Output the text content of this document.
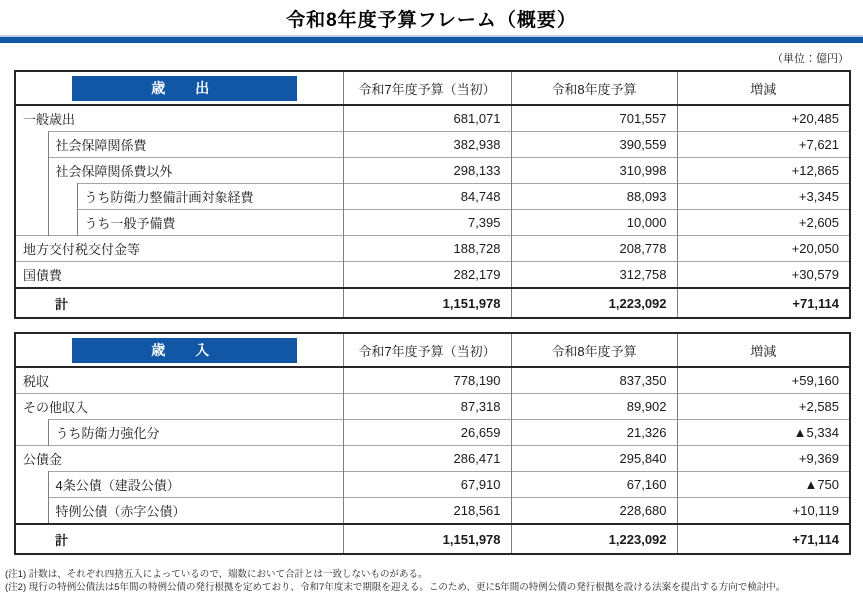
令和8年度予算フレーム（概要）
（単位：億円）
歳　出			令和7年度予算（当初）	令和8年度予算	増減
一般歳出			681,071	701,557	+20,485
	社会保障関係費		382,938	390,559	+7,621
	社会保障関係費以外		298,133	310,998	+12,865
		うち防衛力整備計画対象経費	84,748	88,093	+3,345
		うち一般予備費	7,395	10,000	+2,605
地方交付税交付金等			188,728	208,778	+20,050
国債費			282,179	312,758	+30,579
	計		1,151,978	1,223,092	+71,114
歳　入		令和7年度予算（当初）	令和8年度予算	増減
税収		778,190	837,350	+59,160
その他収入		87,318	89,902	+2,585
	うち防衛力強化分	26,659	21,326	▲5,334
公債金		286,471	295,840	+9,369
	4条公債（建設公債）	67,910	67,160	▲750
	特例公債（赤字公債）	218,561	228,680	+10,119
	計	1,151,978	1,223,092	+71,114
(注1) 計数は、それぞれ四捨五入によっているので、端数において合計とは一致しないものがある。
(注2) 現行の特例公債法は5年間の特例公債の発行根拠を定めており、令和7年度末で期限を迎える。このため、更に5年間の特例公債の発行根拠を設ける法案を提出する方向で検討中。
